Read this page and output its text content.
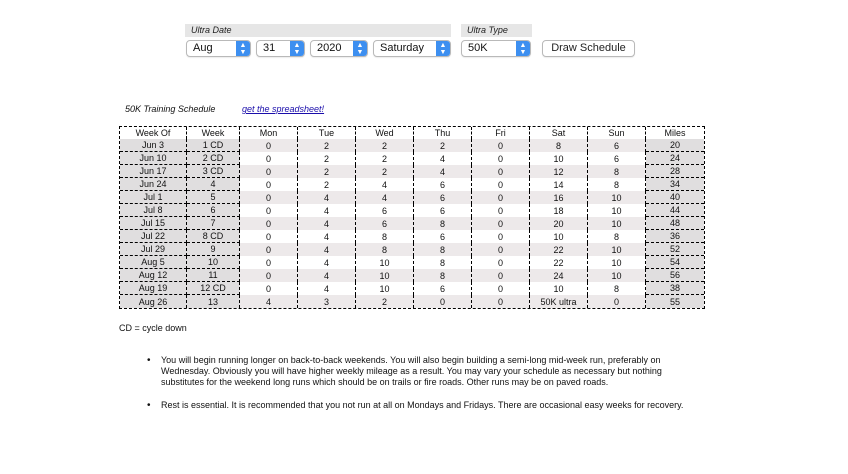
Ultra Date
Aug	▲
▼	31	▲
▼	2020	▲
▼	Saturday	▲
▼
Ultra Type
50K	▲
▼	Draw Schedule
50K Training Schedule	get the spreadsheet!
Week Of	Week	Mon	Tue	Wed	Thu	Fri	Sat	Sun	Miles
Jun 3	1 CD	0	2	2	2	0	8	6	20
Jun 10	2 CD	0	2	2	4	0	10	6	24
Jun 17	3 CD	0	2	2	4	0	12	8	28
Jun 24	4	0	2	4	6	0	14	8	34
Jul 1	5	0	4	4	6	0	16	10	40
Jul 8	6	0	4	6	6	0	18	10	44
Jul 15	7	0	4	6	8	0	20	10	48
Jul 22	8 CD	0	4	8	6	0	10	8	36
Jul 29	9	0	4	8	8	0	22	10	52
Aug 5	10	0	4	10	8	0	22	10	54
Aug 12	11	0	4	10	8	0	24	10	56
Aug 19	12 CD	0	4	10	6	0	10	8	38
Aug 26	13	4	3	2	0	0	50K ultra	0	55
CD = cycle down
• You will begin running longer on back-to-back weekends. You will also begin building a semi-long mid-week run, preferably on Wednesday. Obviously you will have higher weekly mileage as a result. You may vary your schedule as necessary but nothing substitutes for the weekend long runs which should be on trails or fire roads. Other runs may be on paved roads.
• Rest is essential. It is recommended that you not run at all on Mondays and Fridays. There are occasional easy weeks for recovery.
